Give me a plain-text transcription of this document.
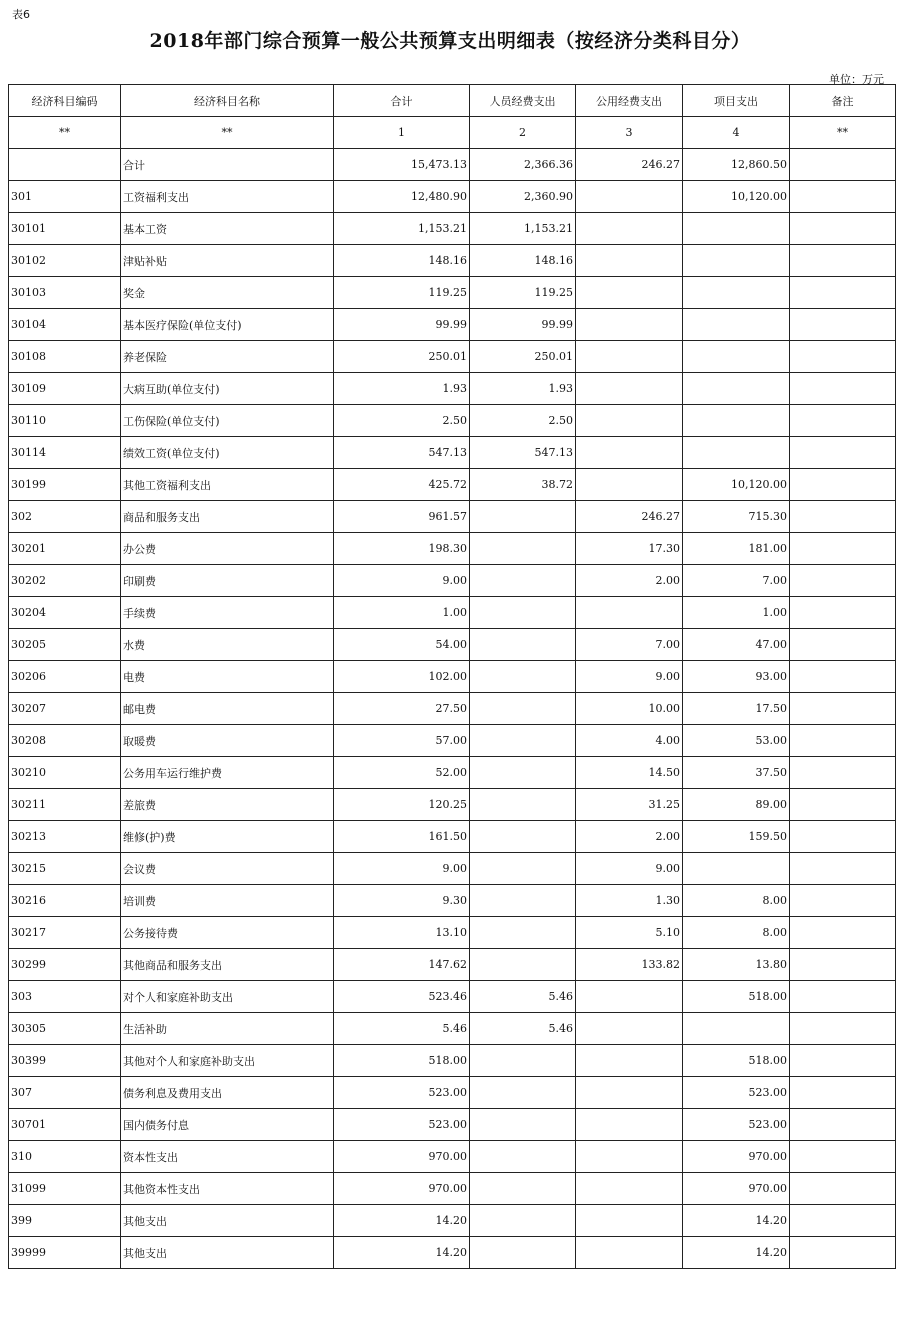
表6
2018年部门综合预算一般公共预算支出明细表（按经济分类科目分）
单位：万元
经济科目编码	经济科目名称	合计	人员经费支出	公用经费支出	项目支出	备注
**	**	1	2	3	4	**
	合计	15,473.13	2,366.36	246.27	12,860.50	
301	工资福利支出	12,480.90	2,360.90		10,120.00	
30101	基本工资	1,153.21	1,153.21			
30102	津贴补贴	148.16	148.16			
30103	奖金	119.25	119.25			
30104	基本医疗保险(单位支付)	99.99	99.99			
30108	养老保险	250.01	250.01			
30109	大病互助(单位支付)	1.93	1.93			
30110	工伤保险(单位支付)	2.50	2.50			
30114	绩效工资(单位支付)	547.13	547.13			
30199	其他工资福利支出	425.72	38.72		10,120.00	
302	商品和服务支出	961.57		246.27	715.30	
30201	办公费	198.30		17.30	181.00	
30202	印刷费	9.00		2.00	7.00	
30204	手续费	1.00			1.00	
30205	水费	54.00		7.00	47.00	
30206	电费	102.00		9.00	93.00	
30207	邮电费	27.50		10.00	17.50	
30208	取暖费	57.00		4.00	53.00	
30210	公务用车运行维护费	52.00		14.50	37.50	
30211	差旅费	120.25		31.25	89.00	
30213	维修(护)费	161.50		2.00	159.50	
30215	会议费	9.00		9.00		
30216	培训费	9.30		1.30	8.00	
30217	公务接待费	13.10		5.10	8.00	
30299	其他商品和服务支出	147.62		133.82	13.80	
303	对个人和家庭补助支出	523.46	5.46		518.00	
30305	生活补助	5.46	5.46			
30399	其他对个人和家庭补助支出	518.00			518.00	
307	债务利息及费用支出	523.00			523.00	
30701	国内债务付息	523.00			523.00	
310	资本性支出	970.00			970.00	
31099	其他资本性支出	970.00			970.00	
399	其他支出	14.20			14.20	
39999	其他支出	14.20			14.20	
